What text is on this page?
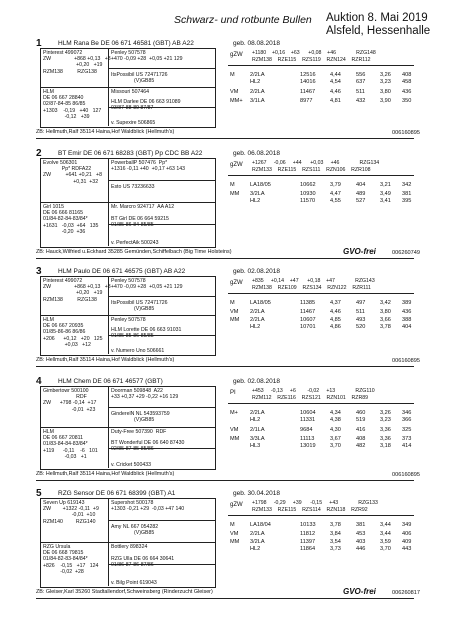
Schwarz- und rotbunte Bullen Auktion 8. Mai 2019
Alsfeld, Hessenhalle
1	HLM Rana Be DE 06 671 46581 (GBT) AB A22	geb. 08.08.2018
Pinterest 499072
ZW                +868 +0,13   +3
+0,20   +19
RZM138          RZG138
HLM
DE 06 667 28840
02/87-84-85 86/85
+1303    -0,19   +40   127
-0,12   +39
Penley 507578
+470 -0,09 +28  +0,05 +21 129
ItsPossibil US 72471726
(V)GB85
Missouri 507464
HLM Darlee DE 06 663 91089
03/87-88-89 87/87
v. Supexire 506865
gZW +1180    +0,16    +63      +0,08    +46              RZG148
RZM138    RZE115    RZS119    RZN124    RZR112
M	2/2LA	12516	4,44	556	3,26 408
HL2	14016	4,54	637	3,23 458
VM 2/2LA	11467	4,46	511	3,80 436
MM+ 3/1LA	8977	4,81	432	3,90 350
ZB: Hellmuth,Ralf 35114 Haina,Hof Waldblick (Hellmuth's)	006160895
2	BT Emir DE 06 671 68283 (GBT) Pp CDC BB A22	geb. 06.08.2018
Evolve 506301
Pp* RDFA22
ZW          +641 +0,21   +8
+0,31  +32
Girl 1015
DE 06 666 81165
01/84-82-84-83/84*
+1631   -0,03  +64   135
-0,20  +36
PowerballP 507476  Pp*
+1316 -0,11 +40  +0,17 +63 143
Esto US 73236633
Mr. Marcro 924717  AA A12
BT Girl DE 06 664 59215
01/85-86-84-85/85
v. PerfectAik 500243
gZW +1267     -0,06     +44      +0,03     +46              RZG134
RZM133    RZE115    RZS111    RZN106    RZR108
M	LA18/05	10662	3,79	404	3,21 342
MM 3/2LA	10930	4,47	489	3,49 381
HL2	11570	4,55	527	3,41 395
ZB: Hauck,Wilfried u.Eckhard 35285 Gemünden,Schiffelbach (Big Time Holsteins)	GVO-frei	006260749
3	HLM Paulo DE 06 671 46575 (GBT) AB A22	geb. 02.08.2018
Pinterest 499072
ZW                +868 +0,13   +3
+0,20   +19
RZM138          RZG138
HLM
DE 06 667 20935
01/85-86-86 86/86
+206      +0,12   +20   125
+0,03   +12
Penley 507578
+470 -0,09 +28  +0,05 +21 129
ItsPossibil US 72471726
(V)GB85
Penley 507578
HLM Lorette DE 06 663 91031
01/85-85-86-85/85
v. Numero Uno 506661
gZW +835     +0,14    +47      +0,18    +47              RZG143
RZM138    RZE109    RZS134    RZN122    RZR111
M	LA18/05	11385	4,37	497	3,42 389
VM 2/2LA	11467	4,46	511	3,80 436
MM 2/2LA	10607	4,85	493	3,66 388
HL2	10701	4,86	520	3,78 404
ZB: Hellmuth,Ralf 35114 Haina,Hof Waldblick (Hellmuth's)	006160895
4	HLM Chem DE 06 671 46577 (GBT)	geb. 02.08.2018
Gimbertowr 500100
RDF
ZW      +798 -0,14  +17
-0,01  +23
HLM
DE 06 667 20811
01/83-84-84-83/84*
+119      -0,11    -6   101
-0,03   +1
Doorman 509848  A22
+33 +0,37 +29 -0,22 +16 129
GinderelN NL 543593759
(V)GB85
Duty-Free 507390  RDF
BT Wonderful DE 06 640 87430
02/85-87-85-85/86
v. Cricket 500433
PI	+453     -0,13     +6        -0,02     +13              RZG110
RZM112    RZE116    RZS121    RZN101    RZR89
M+ 2/2LA	10604	4,34	460	3,26 346
HL2	11331	4,38	519	3,23 366
VM 2/1LA	9684	4,30	416	3,36 325
MM 3/3LA	11113	3,67	408	3,36 373
HL3	13019	3,70	482	3,18 414
ZB: Hellmuth,Ralf 35114 Haina,Hof Waldblick (Hellmuth's)	006160895
5	RZG Sensor DE 06 671 68399 (GBT) A1	geb. 30.04.2018
Seven Up 619143
ZW        +1322 -0,11  +9
-0,01  +10
RZM140         RZG140
RZG Ursula
DE 06 668 79815
01/84-82-83-84/84*
+826    -0,15   +17   124
-0,02  +28
Supershot 500178
+1303 -0,21 +29  -0,03 +47 140
Amy NL 667 054282
(V)GB85
Bottlery 898324
RZG Ulla DE 06 664 30641
01/86-87-86-87/86
v. Bilg Point 619043
gZW +1798     -0,29     +39      -0,15     +43              RZG133
RZM133    RZE115    RZS114    RZN118    RZR92
M	LA18/04	10133	3,78	381	3,44 349
VM 2/2LA	11812	3,84	453	3,44 406
MM 3/2LA	11397	3,54	403	3,59 409
HL2	11864	3,73	446	3,70 443
ZB: Gleiser,Karl 35260 Stadtallendorf,Schweinsberg (Rinderzucht Gleiser)	GVO-frei	006260817
